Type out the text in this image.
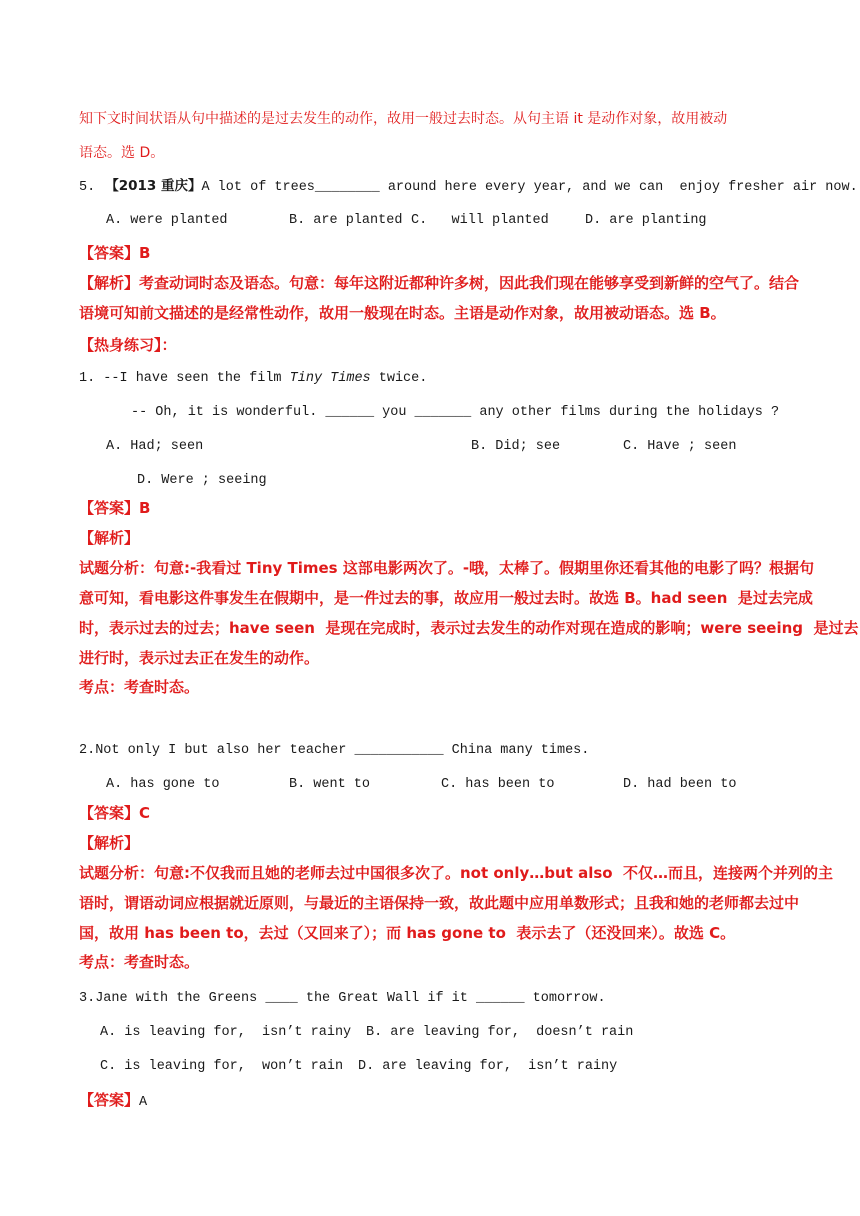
知下文时间状语从句中描述的是过去发生的动作，故用一般过去时态。从句主语 it 是动作对象，故用被动
语态。选 D。
5. 【2013 重庆】A lot of trees________ around here every year, and we can  enjoy fresher air now.
A. were planted	B. are planted C.   will planted	D. are planting
【答案】B
【解析】考查动词时态及语态。句意：每年这附近都种许多树，因此我们现在能够享受到新鲜的空气了。结合
语境可知前文描述的是经常性动作，故用一般现在时态。主语是动作对象，故用被动语态。选 B。
【热身练习】：
1. --I have seen the film Tiny Times twice.
-- Oh, it is wonderful. ______ you _______ any other films during the holidays ?
A. Had; seen	B. Did; see	C. Have ; seen
D. Were ; seeing
【答案】B
【解析】
试题分析：句意:-我看过 Tiny Times 这部电影两次了。-哦，太棒了。假期里你还看其他的电影了吗？根据句
意可知，看电影这件事发生在假期中，是一件过去的事，故应用一般过去时。故选 B。had seen  是过去完成
时，表示过去的过去；have seen  是现在完成时，表示过去发生的动作对现在造成的影响；were seeing  是过去
进行时，表示过去正在发生的动作。
考点：考查时态。
2.Not only I but also her teacher ___________ China many times.
A. has gone to	B. went to	C. has been to	D. had been to
【答案】C
【解析】
试题分析：句意:不仅我而且她的老师去过中国很多次了。not only…but also  不仅…而且，连接两个并列的主
语时，谓语动词应根据就近原则，与最近的主语保持一致，故此题中应用单数形式；且我和她的老师都去过中
国，故用 has been to，去过（又回来了）；而 has gone to  表示去了（还没回来）。故选 C。
考点：考查时态。
3.Jane with the Greens ____ the Great Wall if it ______ tomorrow.
A. is leaving for,  isn’t rainy B. are leaving for,  doesn’t rain
C. is leaving for,  won’t rain D. are leaving for,  isn’t rainy
【答案】A
